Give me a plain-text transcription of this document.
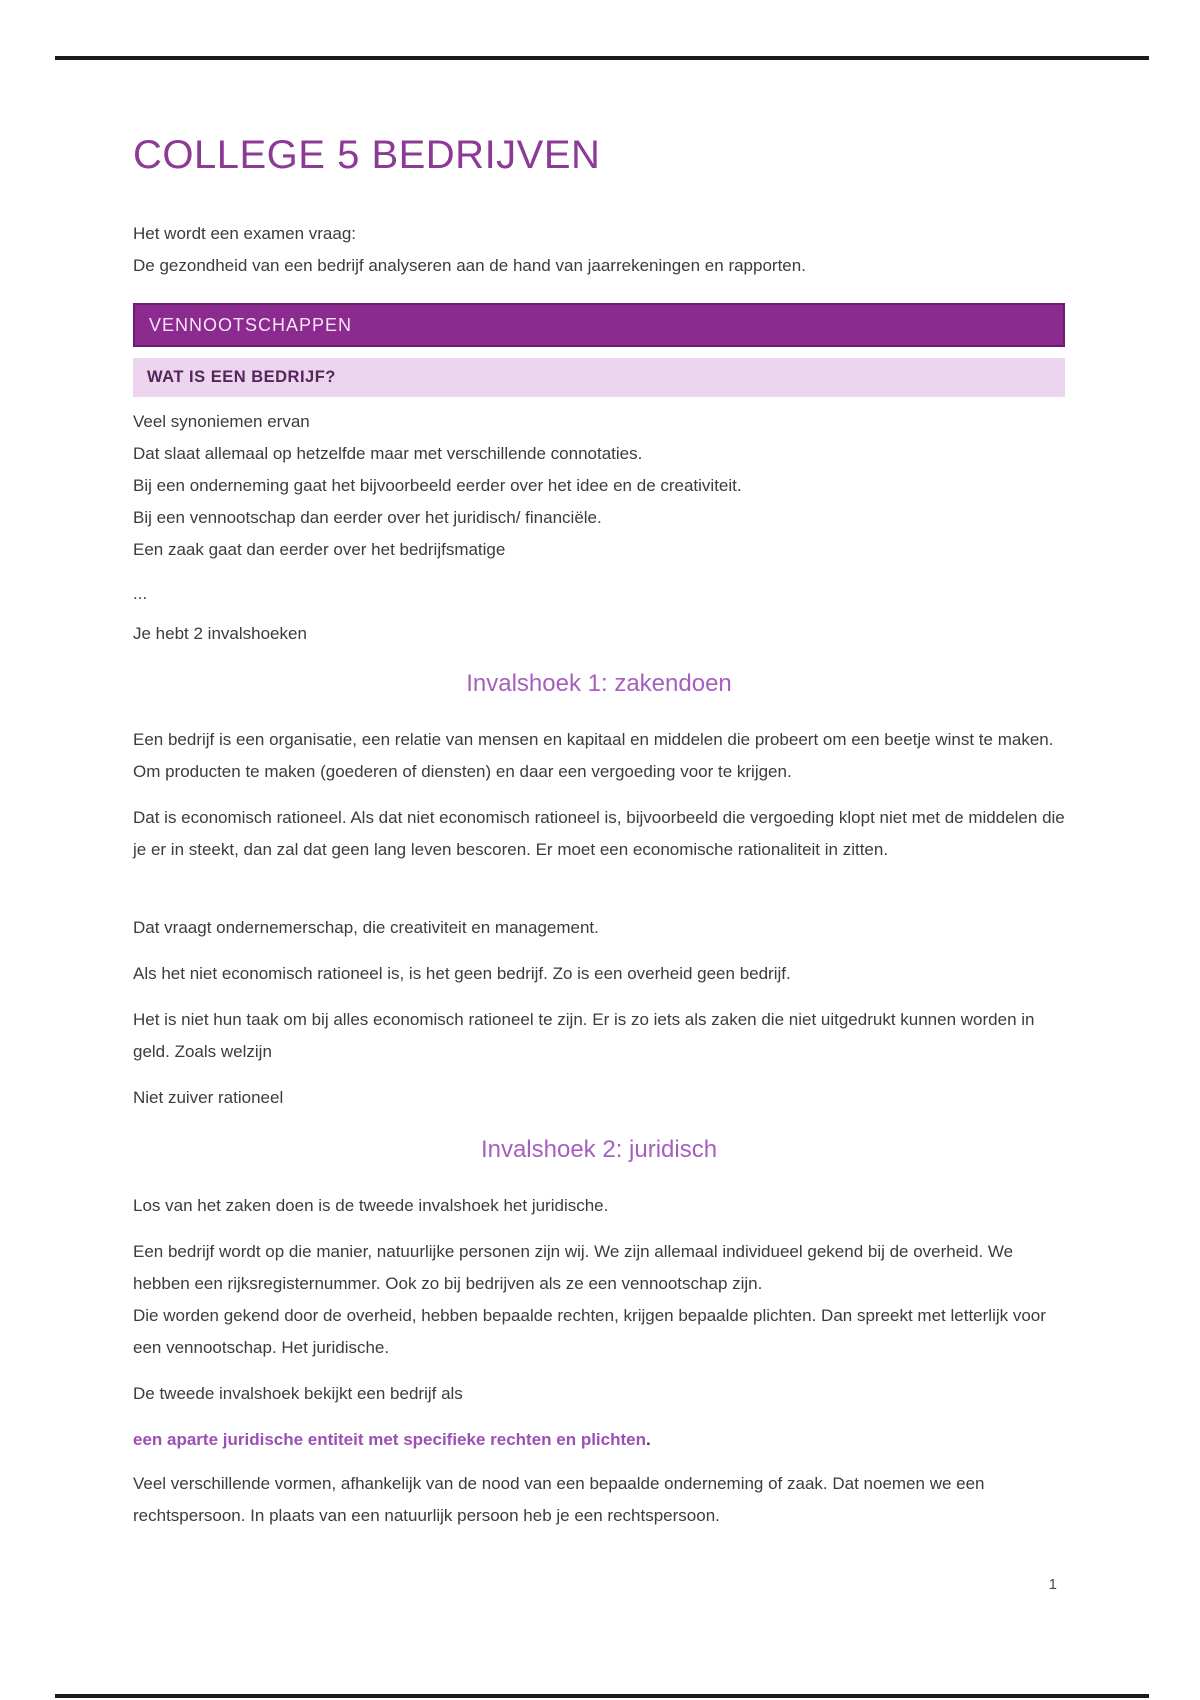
COLLEGE 5 BEDRIJVEN
Het wordt een examen vraag:
De gezondheid van een bedrijf analyseren aan de hand van jaarrekeningen en rapporten.
VENNOOTSCHAPPEN
WAT IS EEN BEDRIJF?
Veel synoniemen ervan
Dat slaat allemaal op hetzelfde maar met verschillende connotaties.
Bij een onderneming gaat het bijvoorbeeld eerder over het idee en de creativiteit.
Bij een vennootschap dan eerder over het juridisch/ financiële.
Een zaak gaat dan eerder over het bedrijfsmatige
...
Je hebt 2 invalshoeken
Invalshoek 1: zakendoen
Een bedrijf is een organisatie, een relatie van mensen en kapitaal en middelen die probeert om een beetje winst te maken. Om producten te maken (goederen of diensten) en daar een vergoeding voor te krijgen.
Dat is economisch rationeel. Als dat niet economisch rationeel is, bijvoorbeeld die vergoeding klopt niet met de middelen die je er in steekt, dan zal dat geen lang leven bescoren. Er moet een economische rationaliteit in zitten.
Dat vraagt ondernemerschap, die creativiteit en management.
Als het niet economisch rationeel is, is het geen bedrijf. Zo is een overheid geen bedrijf.
Het is niet hun taak om bij alles economisch rationeel te zijn. Er is zo iets als zaken die niet uitgedrukt kunnen worden in geld. Zoals welzijn
Niet zuiver rationeel
Invalshoek 2: juridisch
Los van het zaken doen is de tweede invalshoek het juridische.
Een bedrijf wordt op die manier, natuurlijke personen zijn wij. We zijn allemaal individueel gekend bij de overheid. We hebben een rijksregisternummer. Ook zo bij bedrijven als ze een vennootschap zijn.
Die worden gekend door de overheid, hebben bepaalde rechten, krijgen bepaalde plichten. Dan spreekt met letterlijk voor een vennootschap. Het juridische.
De tweede invalshoek bekijkt een bedrijf als
een aparte juridische entiteit met specifieke rechten en plichten.
Veel verschillende vormen, afhankelijk van de nood van een bepaalde onderneming of zaak. Dat noemen we een rechtspersoon. In plaats van een natuurlijk persoon heb je een rechtspersoon.
1
